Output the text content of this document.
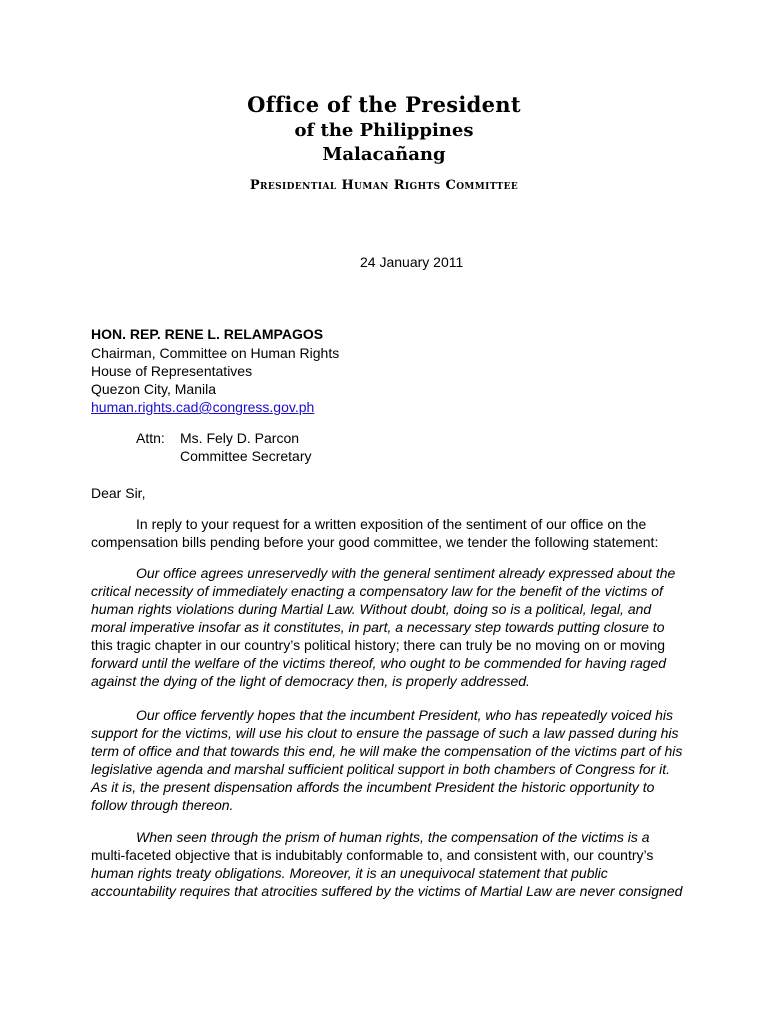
Office of the President
of the Philippines
Malacañang
Presidential Human Rights Committee
24 January 2011
HON. REP. RENE L. RELAMPAGOS
Chairman, Committee on Human Rights
House of Representatives
Quezon City, Manila
human.rights.cad@congress.gov.ph
Attn: Ms. Fely D. Parcon
Committee Secretary
Dear Sir,
In reply to your request for a written exposition of the sentiment of our office on the
compensation bills pending before your good committee, we tender the following statement:
Our office agrees unreservedly with the general sentiment already expressed about the
critical necessity of immediately enacting a compensatory law for the benefit of the victims of
human rights violations during Martial Law. Without doubt, doing so is a political, legal, and
moral imperative insofar as it constitutes, in part, a necessary step towards putting closure to
this tragic chapter in our country’s political history; there can truly be no moving on or moving
forward until the welfare of the victims thereof, who ought to be commended for having raged
against the dying of the light of democracy then, is properly addressed.
Our office fervently hopes that the incumbent President, who has repeatedly voiced his
support for the victims, will use his clout to ensure the passage of such a law passed during his
term of office and that towards this end, he will make the compensation of the victims part of his
legislative agenda and marshal sufficient political support in both chambers of Congress for it.
As it is, the present dispensation affords the incumbent President the historic opportunity to
follow through thereon.
When seen through the prism of human rights, the compensation of the victims is a
multi-faceted objective that is indubitably conformable to, and consistent with, our country’s
human rights treaty obligations. Moreover, it is an unequivocal statement that public
accountability requires that atrocities suffered by the victims of Martial Law are never consigned
